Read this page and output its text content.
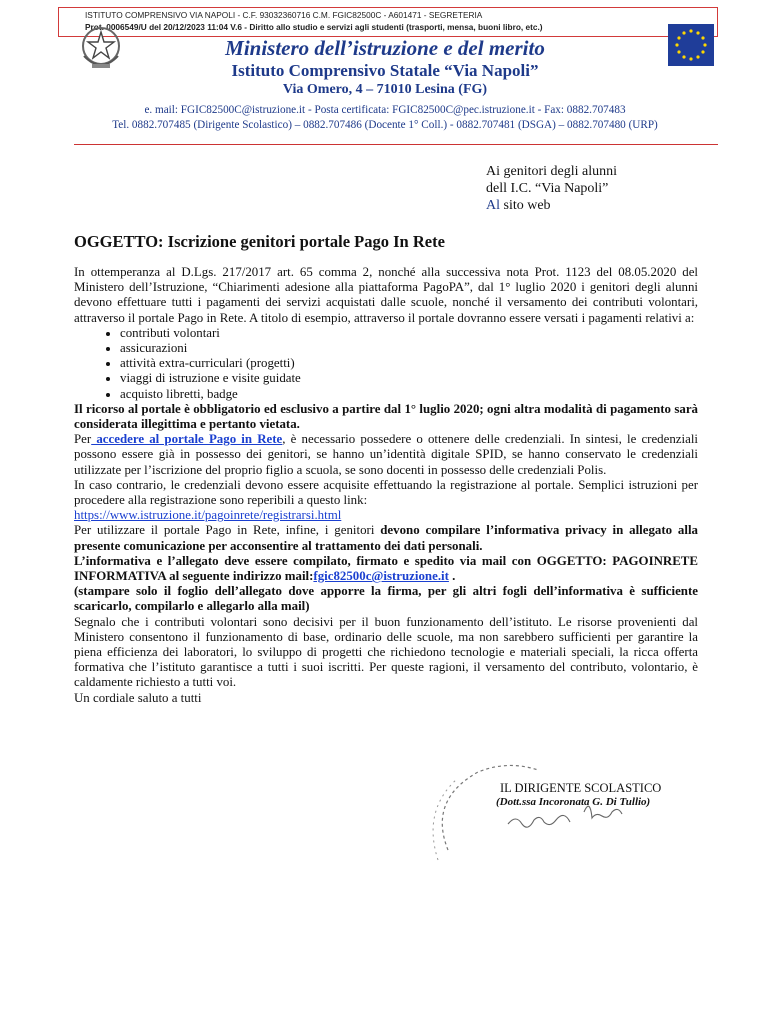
ISTITUTO COMPRENSIVO VIA NAPOLI - C.F. 93032360716 C.M. FGIC82500C - A601471 - SEGRETERIA
Prot. 0006549/U del 20/12/2023 11:04 V.6 - Diritto allo studio e servizi agli studenti (trasporti, mensa, buoni libro, etc.)
Ministero dell’istruzione e del merito
Istituto Comprensivo Statale “Via Napoli”
Via Omero, 4 – 71010 Lesina (FG)
e. mail: FGIC82500C@istruzione.it - Posta certificata: FGIC82500C@pec.istruzione.it - Fax: 0882.707483
Tel. 0882.707485 (Dirigente Scolastico) – 0882.707486 (Docente 1° Coll.) - 0882.707481 (DSGA) – 0882.707480 (URP)
Ai genitori degli alunni
dell I.C. “Via Napoli”
Al sito web
OGGETTO: Iscrizione genitori portale Pago In Rete

In ottemperanza al D.Lgs. 217/2017 art. 65 comma 2, nonché alla successiva nota Prot. 1123 del 08.05.2020 del Ministero dell’Istruzione, “Chiarimenti adesione alla piattaforma PagoPA”, dal 1° luglio 2020 i genitori degli alunni devono effettuare tutti i pagamenti dei servizi acquistati dalle scuole, nonché il versamento dei contributi volontari, attraverso il portale Pago in Rete. A titolo di esempio, attraverso il portale dovranno essere versati i pagamenti relativi a:

• contributi volontari
• assicurazioni
• attività extra-curriculari (progetti)
• viaggi di istruzione e visite guidate
• acquisto libretti, badge

Il ricorso al portale è obbligatorio ed esclusivo a partire dal 1° luglio 2020; ogni altra modalità di pagamento sarà considerata illegittima e pertanto vietata.

Per accedere al portale Pago in Rete, è necessario possedere o ottenere delle credenziali. In sintesi, le credenziali possono essere già in possesso dei genitori, se hanno un’identità digitale SPID, se hanno conservato le credenziali utilizzate per l’iscrizione del proprio figlio a scuola, se sono docenti in possesso delle credenziali Polis.

In caso contrario, le credenziali devono essere acquisite effettuando la registrazione al portale. Semplici istruzioni per procedere alla registrazione sono reperibili a questo link:

https://www.istruzione.it/pagoinrete/registrarsi.html

Per utilizzare il portale Pago in Rete, infine, i genitori devono compilare l’informativa privacy in allegato alla presente comunicazione per acconsentire al trattamento dei dati personali.

L’informativa e l’allegato deve essere compilato, firmato e spedito via mail con OGGETTO: PAGOINRETE INFORMATIVA al seguente indirizzo mail:fgic82500c@istruzione.it .

(stampare solo il foglio dell’allegato dove apporre la firma, per gli altri fogli dell’informativa è sufficiente scaricarlo, compilarlo e allegarlo alla mail)

Segnalo che i contributi volontari sono decisivi per il buon funzionamento dell’istituto. Le risorse provenienti dal Ministero consentono il funzionamento di base, ordinario delle scuole, ma non sarebbero sufficienti per garantire la piena efficienza dei laboratori, lo sviluppo di progetti che richiedono tecnologie e materiali speciali, la ricca offerta formativa che l’istituto garantisce a tutti i suoi iscritti. Per queste ragioni, il versamento del contributo, volontario, è caldamente richiesto a tutti voi.

Un cordiale saluto a tutti

IL DIRIGENTE SCOLASTICO
(Dott.ssa Incoronata G. Di Tullio)
